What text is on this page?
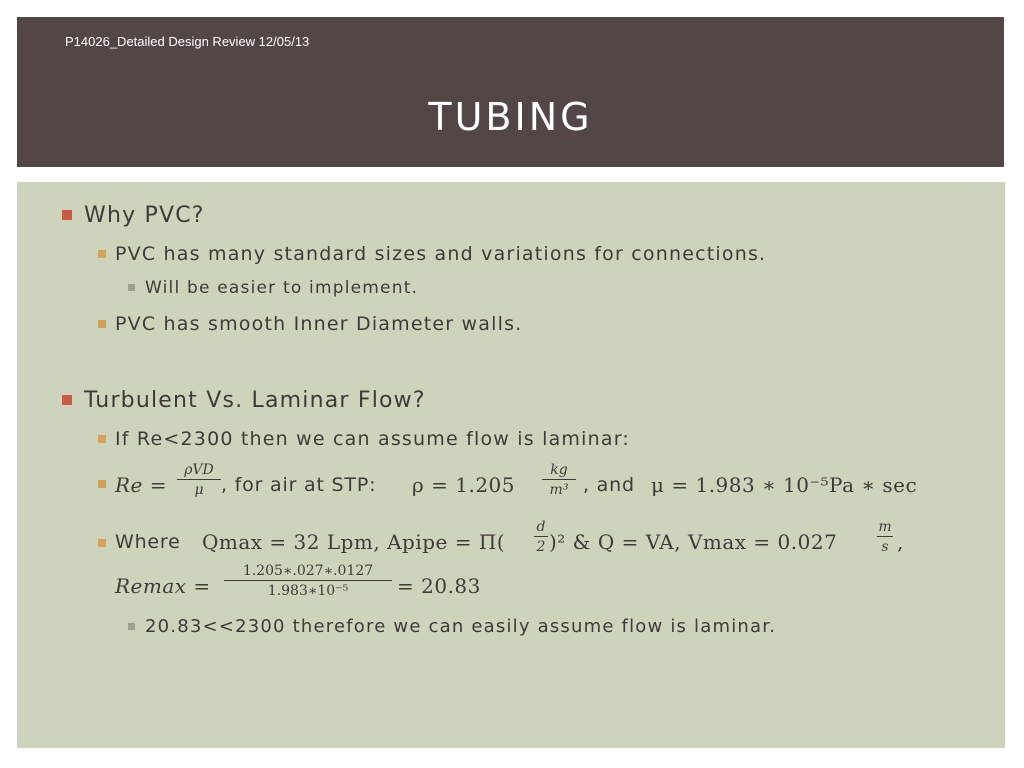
P14026_Detailed Design Review 12/05/13
TUBING
Why PVC?
PVC has many standard sizes and variations for connections.
Will be easier to implement.
PVC has smooth Inner Diameter walls.
Turbulent Vs. Laminar Flow?
If Re<2300 then we can assume flow is laminar:
Re =
ρVD
μ , for air at STP: ρ = 1.205
kg
m³ , and μ = 1.983 ∗ 10⁻⁵Pa ∗ sec
Where Qmax = 32 Lpm, Apipe = Π(
d
2 )² & Q = VA, Vmax = 0.027
m
s ,
Remax =
1.205∗.027∗.0127
1.983∗10⁻⁵	= 20.83
20.83<<2300 therefore we can easily assume flow is laminar.
